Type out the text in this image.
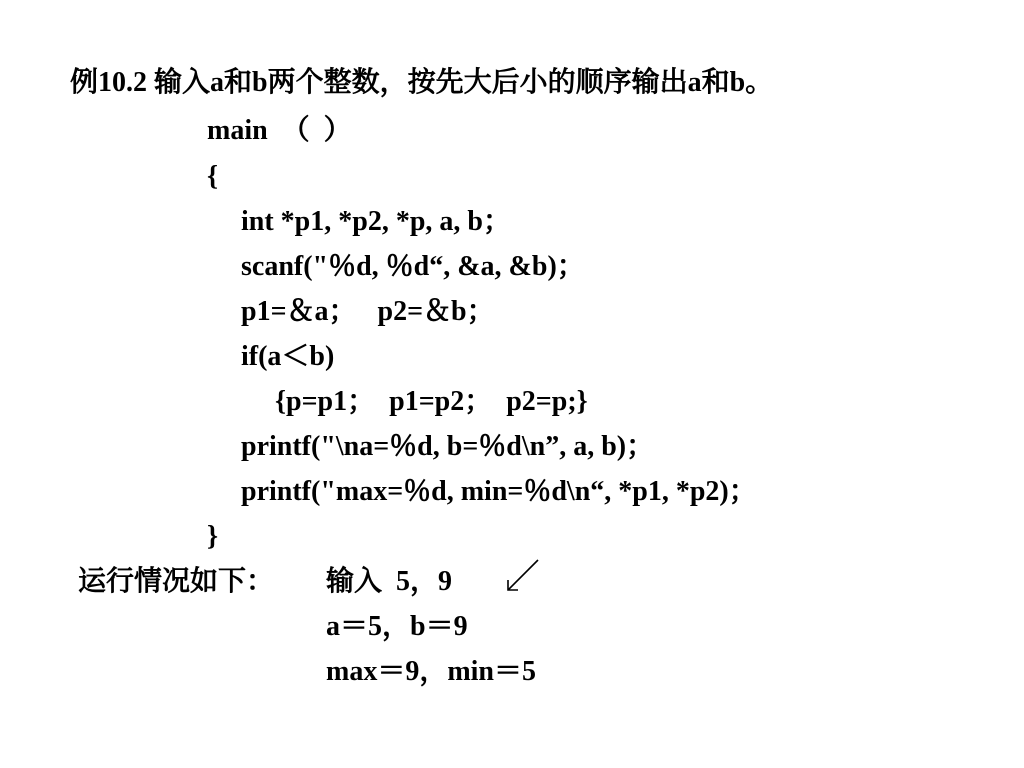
例10.2 输入a和b两个整数，按先大后小的顺序输出a和b。
main  （  ）
{
int *p1, *p2, *p, a, b；
scanf("％d, ％d“, &a, &b)；
p1=＆a；   p2=＆b；
if(a＜b)
{p=p1；  p1=p2；  p2=p;}
printf("\na=％d, b=％d\n”, a, b)；
printf("max=％d, min=％d\n“, *p1, *p2)；
}
运行情况如下： 输入  5，9
a＝5，b＝9
max＝9，min＝5
